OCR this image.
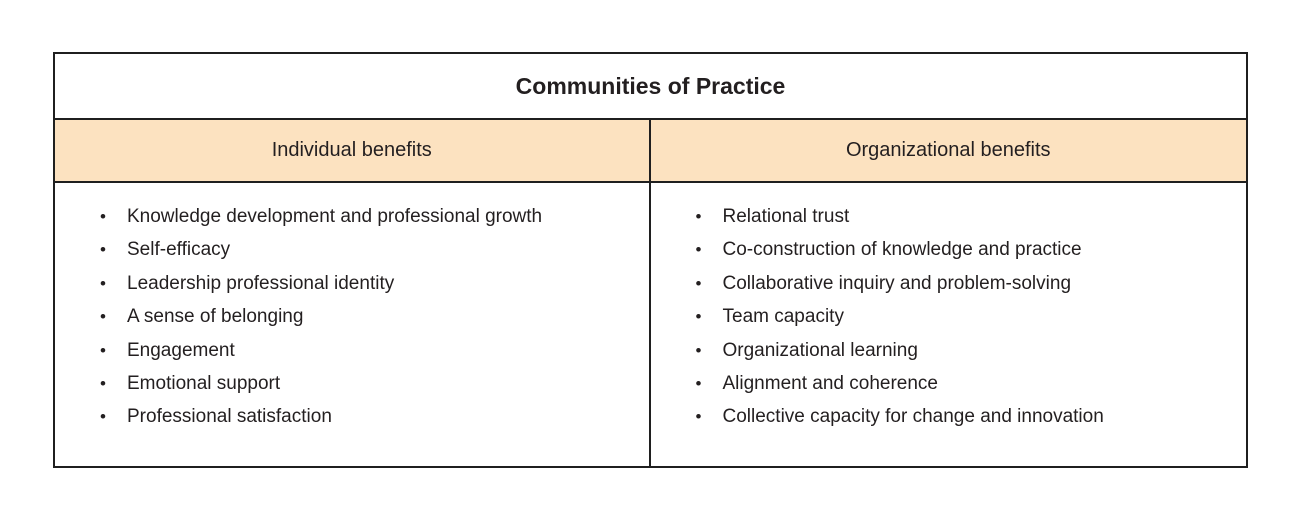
Communities of Practice
Individual benefits	Organizational benefits
• Knowledge development and professional growth
• Self-efficacy
• Leadership professional identity
• A sense of belonging
• Engagement
• Emotional support
• Professional satisfaction
• Relational trust
• Co-construction of knowledge and practice
• Collaborative inquiry and problem-solving
• Team capacity
• Organizational learning
• Alignment and coherence
• Collective capacity for change and innovation
